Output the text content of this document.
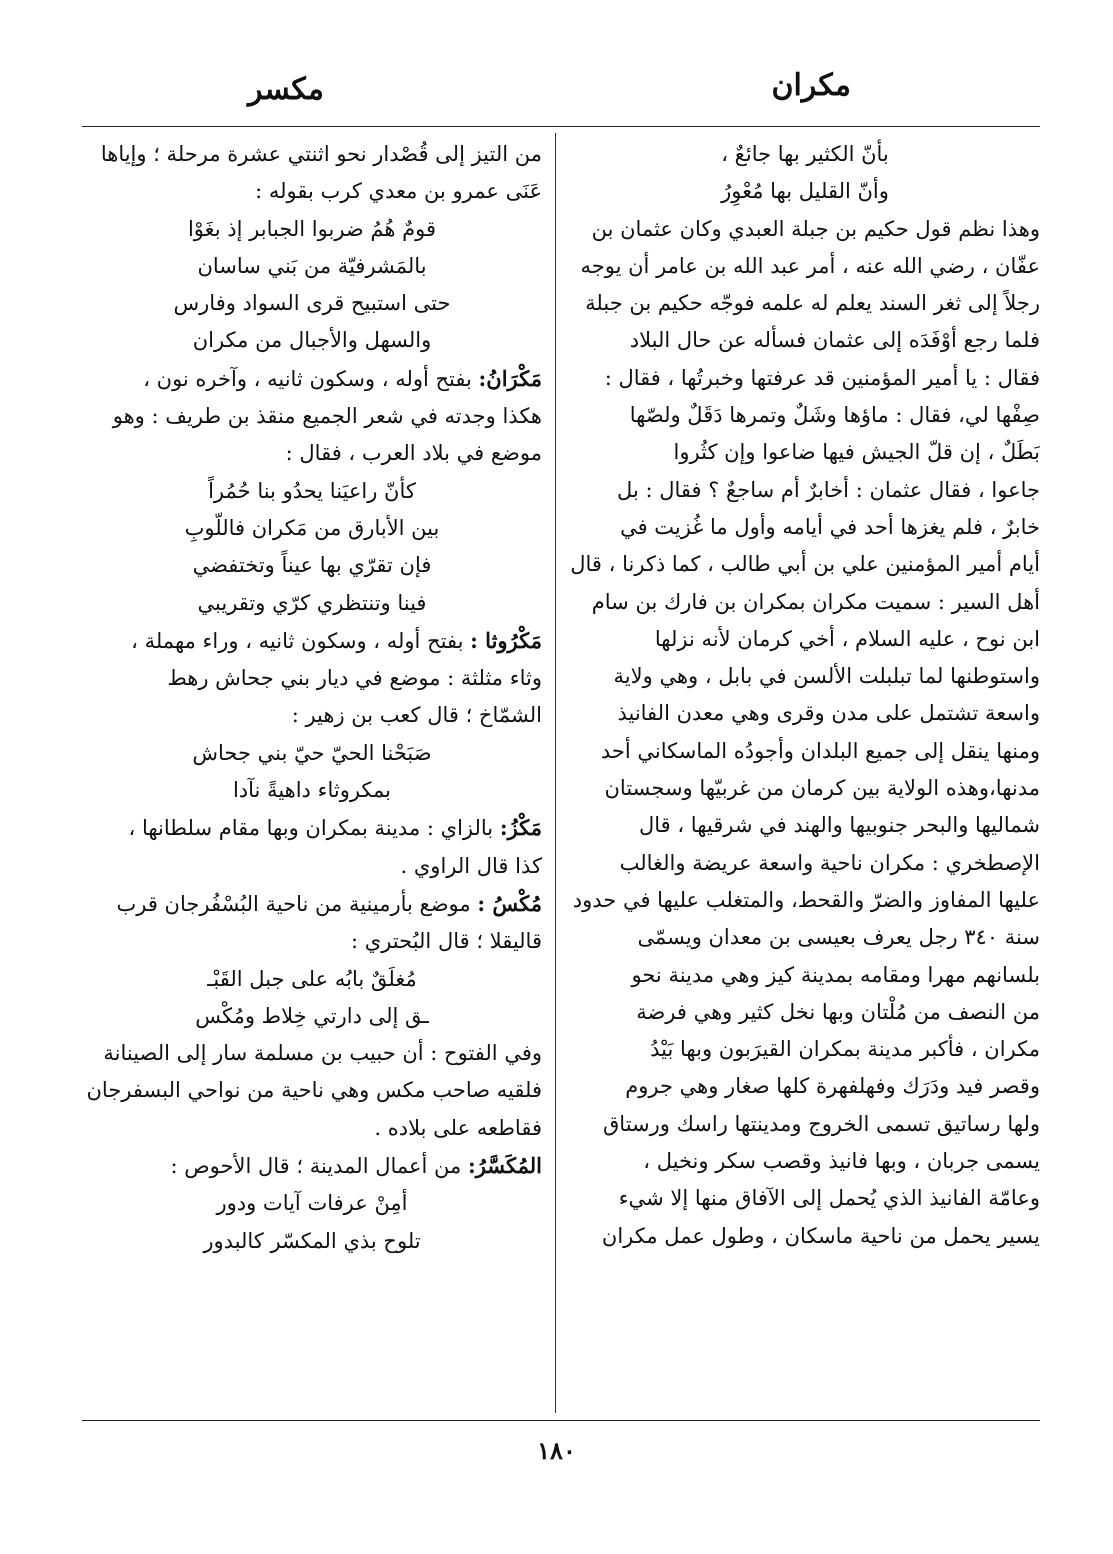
مكران
مكسر
بأنّ الكثير بها جائعٌ ،
وأنّ القليل بها مُعْوِرُ
وهذا نظم قول حكيم بن جبلة العبدي وكان عثمان بن
عفّان ، رضي الله عنه ، أمر عبد الله بن عامر أن يوجه
رجلاً إلى ثغر السند يعلم له علمه فوجّه حكيم بن جبلة
فلما رجع أوْفَدَه إلى عثمان فسأله عن حال البلاد
فقال : يا أمير المؤمنين قد عرفتها وخبرتُها ، فقال :
صِفْها لي، فقال : ماؤها وشَلٌ وتمرها دَقَلٌ ولصّها
بَطَلٌ ، إن قلّ الجيش فيها ضاعوا وإن كثُروا
جاعوا ، فقال عثمان : أخابرٌ أم ساجعٌ ؟ فقال : بل
خابرٌ ، فلم يغزها أحد في أيامه وأول ما غُزيت في
أيام أمير المؤمنين علي بن أبي طالب ، كما ذكرنا ، قال
أهل السير : سميت مكران بمكران بن فارك بن سام
ابن نوح ، عليه السلام ، أخي كرمان لأنه نزلها
واستوطنها لما تبلبلت الألسن في بابل ، وهي ولاية
واسعة تشتمل على مدن وقرى وهي معدن الفانيذ
ومنها ينقل إلى جميع البلدان وأجودُه الماسكاني أحد
مدنها،وهذه الولاية بين كرمان من غربيّها وسجستان
شماليها والبحر جنوبيها والهند في شرقيها ، قال
الإصطخري : مكران ناحية واسعة عريضة والغالب
عليها المفاوز والضرّ والقحط، والمتغلب عليها في حدود
سنة ٣٤٠ رجل يعرف بعيسى بن معدان ويسمّى
بلسانهم مهرا ومقامه بمدينة كيز وهي مدينة نحو
من النصف من مُلْتان وبها نخل كثير وهي فرضة
مكران ، فأكبر مدينة بمكران القيرَبون وبها بَيْدُ
وقصر فيد ودَرَك وفهلفهرة كلها صغار وهي جروم
ولها رساتيق تسمى الخروج ومدينتها راسك ورستاق
يسمى جربان ، وبها فانيذ وقصب سكر ونخيل ،
وعامّة الفانيذ الذي يُحمل إلى الآفاق منها إلا شيء
يسير يحمل من ناحية ماسكان ، وطول عمل مكران
من التيز إلى قُصْدار نحو اثنتي عشرة مرحلة ؛ وإياها
عَنَى عمرو بن معدي كرب بقوله :
قومٌ هُمُ ضربوا الجبابر إذ بغَوْا
بالمَشرفيّة من بَني ساسان
حتى استبيح قرى السواد وفارس
والسهل والأجبال من مكران
مَكْرَانُ: بفتح أوله ، وسكون ثانيه ، وآخره نون ،
هكذا وجدته في شعر الجميع منقذ بن طريف : وهو
موضع في بلاد العرب ، فقال :
كأنّ راعيَنا يحدُو بنا حُمُراً
بين الأبارق من مَكران فاللّوبِ
فإن تقرّي بها عيناً وتختفضي
فينا وتنتظري كرّي وتقريبي
مَكْرُوثا : بفتح أوله ، وسكون ثانيه ، وراء مهملة ،
وثاء مثلثة : موضع في ديار بني جحاش رهط
الشمّاخ ؛ قال كعب بن زهير :
صَبَحْنا الحيّ حيّ بني جحاش
بمكروثاء داهيةً نآدا
مَكْزُ: بالزاي : مدينة بمكران وبها مقام سلطانها ،
كذا قال الراوي .
مُكْسُ : موضع بأرمينية من ناحية البُسْفُرجان قرب
قاليقلا ؛ قال البُحتري :
مُغلَقٌ بابُه على جبل القَبْـ
ـق إلى دارتي خِلاط ومُكْس
وفي الفتوح : أن حبيب بن مسلمة سار إلى الصينانة
فلقيه صاحب مكس وهي ناحية من نواحي البسفرجان
فقاطعه على بلاده .
المُكَسَّرُ: من أعمال المدينة ؛ قال الأحوص :
أمِنْ عرفات آيات ودور
تلوح بذي المكسّر كالبدور
١٨٠
